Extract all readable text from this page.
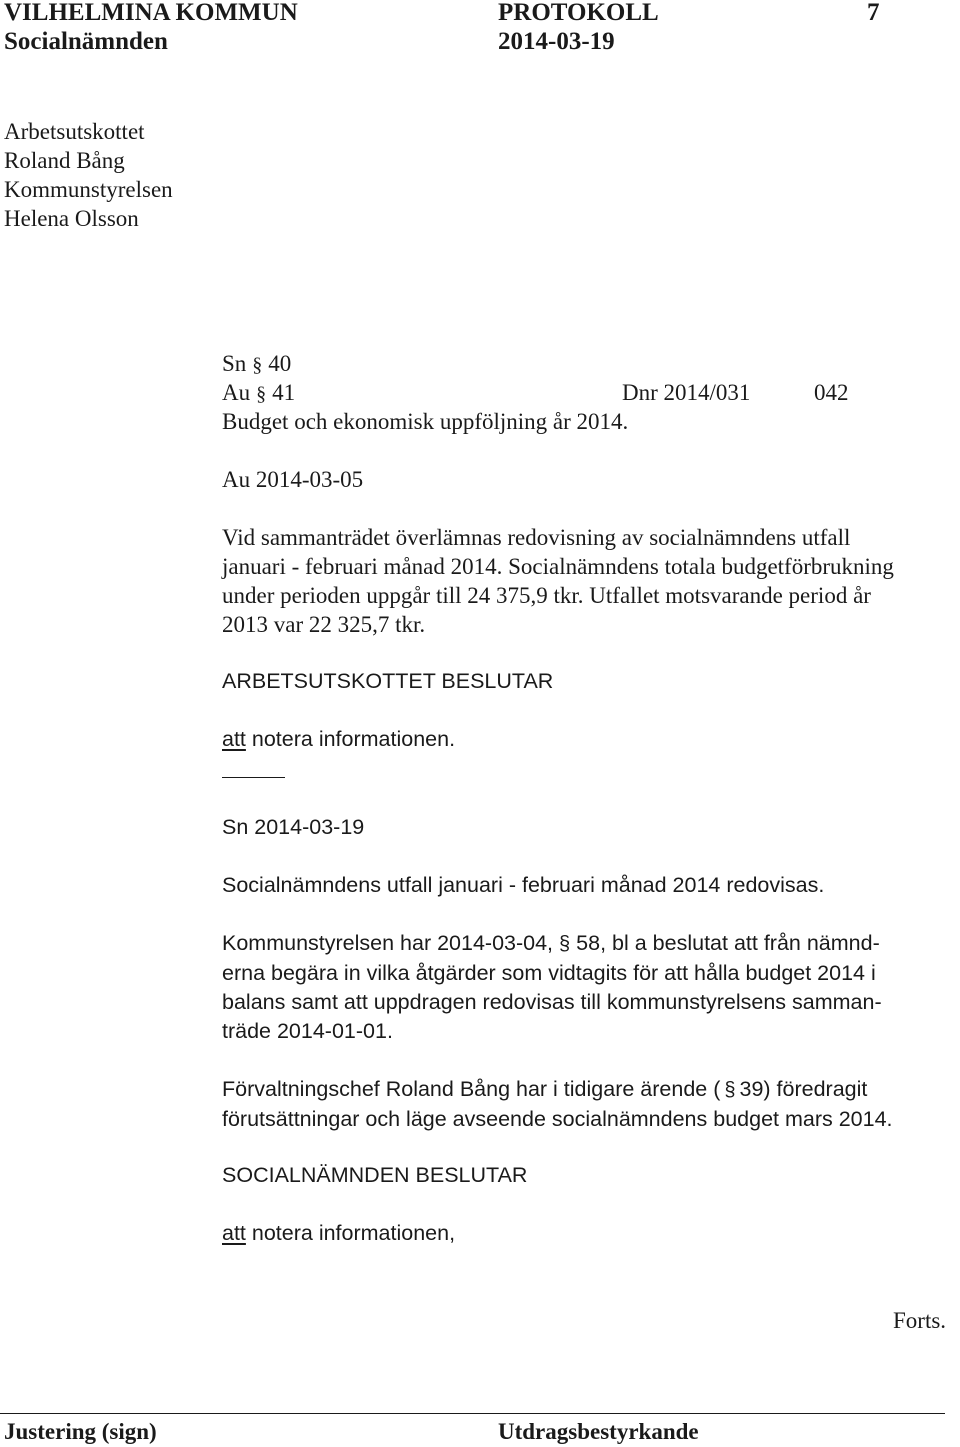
VILHELMINA KOMMUN	PROTOKOLL	7
Socialnämnden	2014-03-19
Arbetsutskottet
Roland Bång
Kommunstyrelsen
Helena Olsson
Sn § 40
Au § 41	Dnr 2014/031	042
Budget och ekonomisk uppföljning år 2014.
Au 2014-03-05
Vid sammanträdet överlämnas redovisning av socialnämndens utfall
januari - februari månad 2014. Socialnämndens totala budgetförbrukning
under perioden uppgår till 24 375,9 tkr. Utfallet motsvarande period år
2013 var 22 325,7 tkr.
ARBETSUTSKOTTET BESLUTAR
att notera informationen.
Sn 2014-03-19
Socialnämndens utfall januari - februari månad 2014 redovisas.
Kommunstyrelsen har 2014-03-04, § 58, bl a beslutat att från nämnd-
erna begära in vilka åtgärder som vidtagits för att hålla budget 2014 i
balans samt att uppdragen redovisas till kommunstyrelsens samman-
träde 2014-01-01.
Förvaltningschef Roland Bång har i tidigare ärende ( § 39) föredragit
förutsättningar och läge avseende socialnämndens budget mars 2014.
SOCIALNÄMNDEN BESLUTAR
att notera informationen,
Forts.
Justering (sign)	Utdragsbestyrkande
